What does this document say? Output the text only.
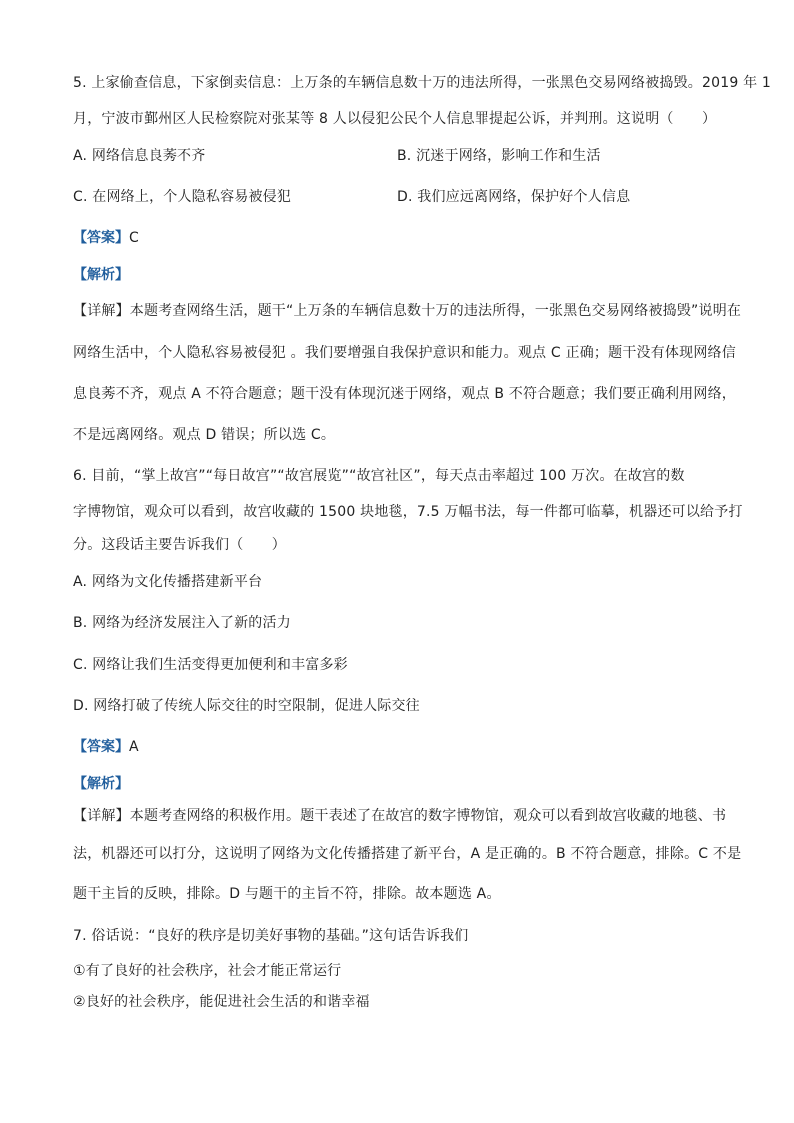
5. 上家偷查信息，下家倒卖信息：上万条的车辆信息数十万的违法所得，一张黑色交易网络被捣毁。2019 年 1
月，宁波市鄞州区人民检察院对张某等 8 人以侵犯公民个人信息罪提起公诉，并判刑。这说明（　　）
A. 网络信息良莠不齐	B. 沉迷于网络，影响工作和生活
C. 在网络上，个人隐私容易被侵犯	D. 我们应远离网络，保护好个人信息
【答案】C
【解析】
【详解】本题考查网络生活，题干“上万条的车辆信息数十万的违法所得，一张黑色交易网络被捣毁”说明在
网络生活中，个人隐私容易被侵犯 。我们要增强自我保护意识和能力。观点 C 正确；题干没有体现网络信
息良莠不齐，观点 A 不符合题意；题干没有体现沉迷于网络，观点 B 不符合题意；我们要正确利用网络，
不是远离网络。观点 D 错误；所以选 C。
6. 目前，“掌上故宫”“每日故宫”“故宫展览”“故宫社区”，每天点击率超过 100 万次。在故宫的数
字博物馆，观众可以看到，故宫收藏的 1500 块地毯，7.5 万幅书法，每一件都可临摹，机器还可以给予打
分。这段话主要告诉我们（　　）
A. 网络为文化传播搭建新平台
B. 网络为经济发展注入了新的活力
C. 网络让我们生活变得更加便利和丰富多彩
D. 网络打破了传统人际交往的时空限制，促进人际交往
【答案】A
【解析】
【详解】本题考查网络的积极作用。题干表述了在故宫的数字博物馆，观众可以看到故宫收藏的地毯、书
法，机器还可以打分，这说明了网络为文化传播搭建了新平台，A 是正确的。B 不符合题意，排除。C 不是
题干主旨的反映，排除。D 与题干的主旨不符，排除。故本题选 A。
7. 俗话说：“良好的秩序是切美好事物的基础。”这句话告诉我们
①有了良好的社会秩序，社会才能正常运行
②良好的社会秩序，能促进社会生活的和谐幸福
